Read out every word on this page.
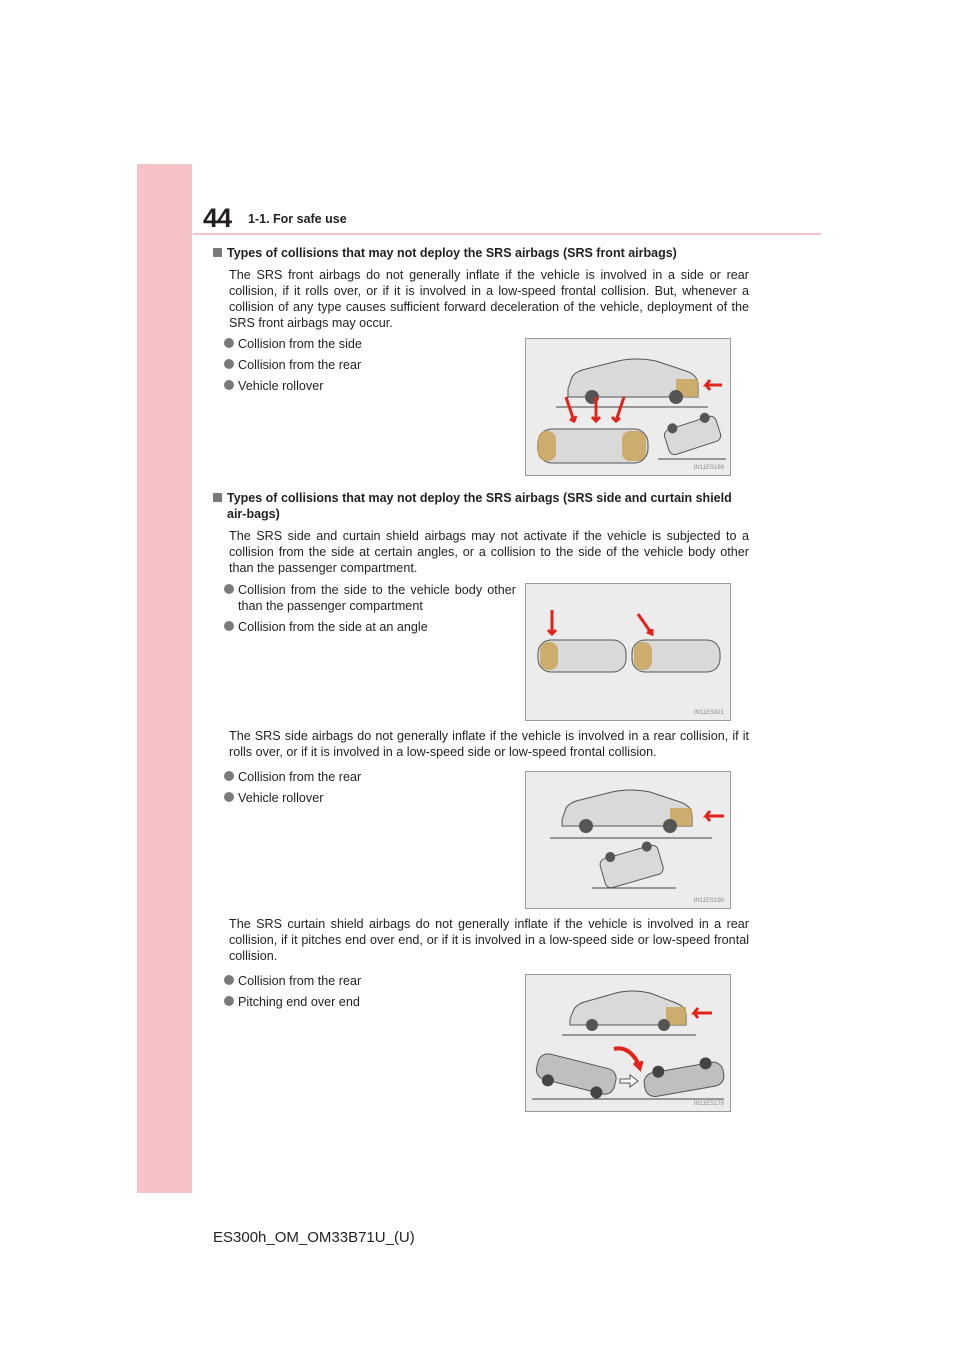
44 1-1. For safe use
Types of collisions that may not deploy the SRS airbags (SRS front airbags)
The SRS front airbags do not generally inflate if the vehicle is involved in a side or rear collision, if it rolls over, or if it is involved in a low-speed frontal collision. But, whenever a collision of any type causes sufficient forward deceleration of the vehicle, deployment of the SRS front airbags may occur.
Collision from the side
Collision from the rear
Vehicle rollover
IN11ES189
Types of collisions that may not deploy the SRS airbags (SRS side and curtain shield air-bags)
The SRS side and curtain shield airbags may not activate if the vehicle is subjected to a collision from the side at certain angles, or a collision to the side of the vehicle body other than the passenger compartment.
Collision from the side to the vehicle body other than the passenger compartment
Collision from the side at an angle
IN11ES021
The SRS side airbags do not generally inflate if the vehicle is involved in a rear collision, if it rolls over, or if it is involved in a low-speed side or low-speed frontal collision.
Collision from the rear
Vehicle rollover
IN11ES190
The SRS curtain shield airbags do not generally inflate if the vehicle is involved in a rear collision, if it pitches end over end, or if it is involved in a low-speed side or low-speed frontal collision.
Collision from the rear
Pitching end over end
IN11ES178
ES300h_OM_OM33B71U_(U)
